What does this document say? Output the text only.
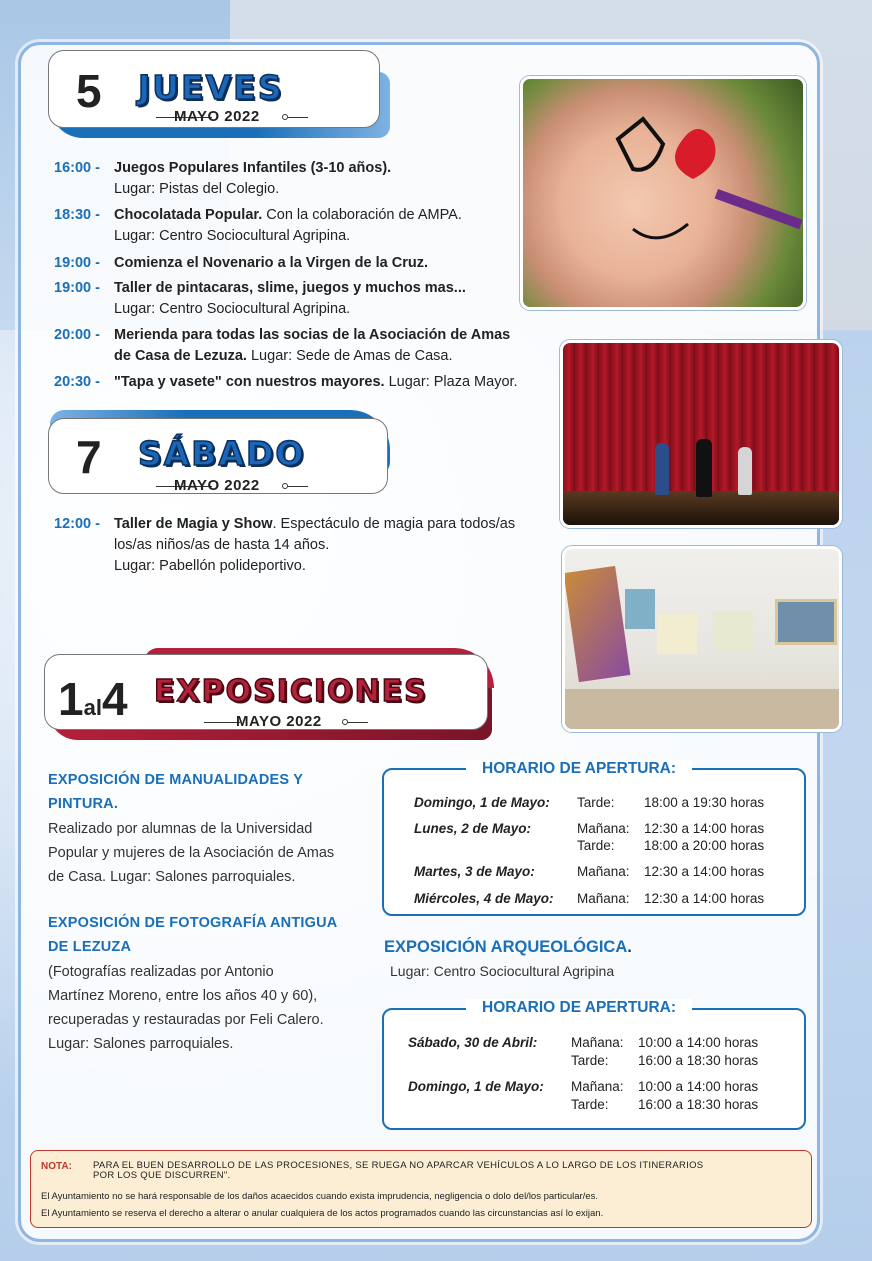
5 JUEVES
MAYO 2022
16:00 - Juegos Populares Infantiles (3-10 años).
Lugar: Pistas del Colegio.
18:30 - Chocolatada Popular. Con la colaboración de AMPA.
Lugar: Centro Sociocultural Agripina.
19:00 - Comienza el Novenario a la Virgen de la Cruz.
19:00 - Taller de pintacaras, slime, juegos y muchos mas...
Lugar: Centro Sociocultural Agripina.
20:00 - Merienda para todas las socias de la Asociación de Amas
de Casa de Lezuza. Lugar: Sede de Amas de Casa.
20:30 - "Tapa y vasete" con nuestros mayores. Lugar: Plaza Mayor.
7 SÁBADO
MAYO 2022
12:00 - Taller de Magia y Show. Espectáculo de magia para todos/as
los/as niños/as de hasta 14 años.
Lugar: Pabellón polideportivo.
1al4 EXPOSICIONES
MAYO 2022
EXPOSICIÓN DE MANUALIDADES Y
PINTURA.
Realizado por alumnas de la Universidad
Popular y mujeres de la Asociación de Amas
de Casa. Lugar: Salones parroquiales.
EXPOSICIÓN DE FOTOGRAFÍA ANTIGUA
DE LEZUZA
(Fotografías realizadas por Antonio
Martínez Moreno, entre los años 40 y 60),
recuperadas y restauradas por Feli Calero.
Lugar: Salones parroquiales.
HORARIO DE APERTURA:
Domingo, 1 de Mayo: Tarde: 18:00 a 19:30 horas
Lunes, 2 de Mayo:	Mañana: 12:30 a 14:00 horas
Tarde: 18:00 a 20:00 horas
Martes, 3 de Mayo:	Mañana: 12:30 a 14:00 horas
Miércoles, 4 de Mayo: Mañana: 12:30 a 14:00 horas
EXPOSICIÓN ARQUEOLÓGICA.
Lugar: Centro Sociocultural Agripina
HORARIO DE APERTURA:
Sábado, 30 de Abril: Mañana: 10:00 a 14:00 horas
Tarde: 16:00 a 18:30 horas
Domingo, 1 de Mayo: Mañana: 10:00 a 14:00 horas
Tarde: 16:00 a 18:30 horas
NOTA: PARA EL BUEN DESARROLLO DE LAS PROCESIONES, SE RUEGA NO APARCAR VEHÍCULOS A LO LARGO DE LOS ITINERARIOS
POR LOS QUE DISCURREN".
El Ayuntamiento no se hará responsable de los daños acaecidos cuando exista imprudencia, negligencia o dolo del/los particular/es.
El Ayuntamiento se reserva el derecho a alterar o anular cualquiera de los actos programados cuando las circunstancias así lo exijan.
